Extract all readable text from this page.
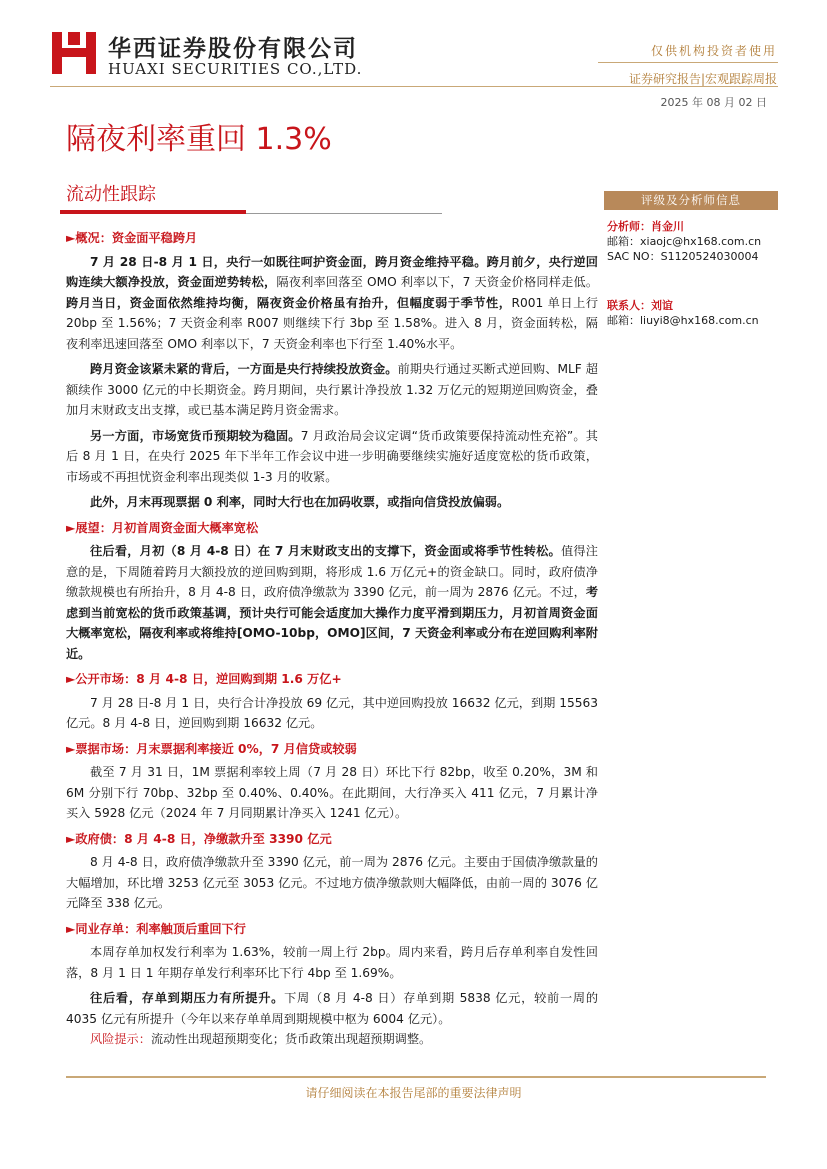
华西证券股份有限公司
HUAXI SECURITIES CO.,LTD.
仅供机构投资者使用
证券研究报告|宏观跟踪周报
2025 年 08 月 02 日
隔夜利率重回 1.3%
流动性跟踪	评级及分析师信息
分析师：肖金川
邮箱：xiaojc@hx168.com.cn
SAC NO：S1120524030004
联系人：刘谊
邮箱：liuyi8@hx168.com.cn

►概况：资金面平稳跨月

7 月 28 日-8 月 1 日，央行一如既往呵护资金面，跨月资金维持平稳。跨月前夕，央行逆回购连续大额净投放，资金面逆势转松，隔夜利率回落至 OMO 利率以下，7 天资金价格同样走低。跨月当日，资金面依然维持均衡，隔夜资金价格虽有抬升，但幅度弱于季节性，R001 单日上行 20bp 至 1.56%；7 天资金利率 R007 则继续下行 3bp 至 1.58%。进入 8 月，资金面转松，隔夜利率迅速回落至 OMO 利率以下，7 天资金利率也下行至 1.40%水平。

跨月资金该紧未紧的背后，一方面是央行持续投放资金。前期央行通过买断式逆回购、MLF 超额续作 3000 亿元的中长期资金。跨月期间，央行累计净投放 1.32 万亿元的短期逆回购资金，叠加月末财政支出支撑，或已基本满足跨月资金需求。

另一方面，市场宽货币预期较为稳固。7 月政治局会议定调“货币政策要保持流动性充裕”。其后 8 月 1 日，在央行 2025 年下半年工作会议中进一步明确要继续实施好适度宽松的货币政策，市场或不再担忧资金利率出现类似 1-3 月的收紧。

此外，月末再现票据 0 利率，同时大行也在加码收票，或指向信贷投放偏弱。

►展望：月初首周资金面大概率宽松

往后看，月初（8 月 4-8 日）在 7 月末财政支出的支撑下，资金面或将季节性转松。值得注意的是，下周随着跨月大额投放的逆回购到期，将形成 1.6 万亿元+的资金缺口。同时，政府债净缴款规模也有所抬升，8 月 4-8 日，政府债净缴款为 3390 亿元，前一周为 2876 亿元。不过，考虑到当前宽松的货币政策基调，预计央行可能会适度加大操作力度平滑到期压力，月初首周资金面大概率宽松，隔夜利率或将维持[OMO-10bp，OMO]区间，7 天资金利率或分布在逆回购利率附近。

►公开市场：8 月 4-8 日，逆回购到期 1.6 万亿+

7 月 28 日-8 月 1 日，央行合计净投放 69 亿元，其中逆回购投放 16632 亿元，到期 15563 亿元。8 月 4-8 日，逆回购到期 16632 亿元。

►票据市场：月末票据利率接近 0%，7 月信贷或较弱

截至 7 月 31 日，1M 票据利率较上周（7 月 28 日）环比下行 82bp，收至 0.20%，3M 和 6M 分别下行 70bp、32bp 至 0.40%、0.40%。在此期间，大行净买入 411 亿元，7 月累计净买入 5928 亿元（2024 年 7 月同期累计净买入 1241 亿元）。

►政府债：8 月 4-8 日，净缴款升至 3390 亿元

8 月 4-8 日，政府债净缴款升至 3390 亿元，前一周为 2876 亿元。主要由于国债净缴款量的大幅增加，环比增 3253 亿元至 3053 亿元。不过地方债净缴款则大幅降低，由前一周的 3076 亿元降至 338 亿元。

►同业存单：利率触顶后重回下行

本周存单加权发行利率为 1.63%，较前一周上行 2bp。周内来看，跨月后存单利率自发性回落，8 月 1 日 1 年期存单发行利率环比下行 4bp 至 1.69%。

往后看，存单到期压力有所提升。下周（8 月 4-8 日）存单到期 5838 亿元，较前一周的 4035 亿元有所提升（今年以来存单单周到期规模中枢为 6004 亿元）。

风险提示：流动性出现超预期变化；货币政策出现超预期调整。

请仔细阅读在本报告尾部的重要法律声明
